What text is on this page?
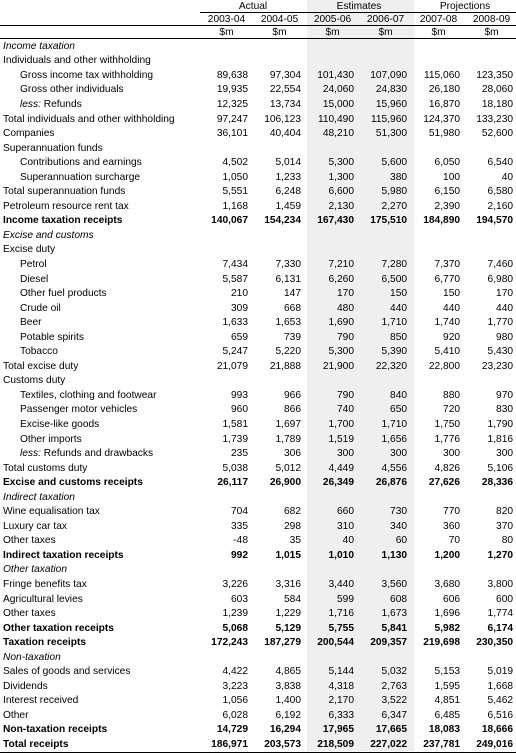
	Actual		Estimates		Projections	
	2003-04	2004-05	2005-06	2006-07	2007-08	2008-09
	$m	$m	$m	$m	$m	$m
Income taxation						
Individuals and other withholding						
Gross income tax withholding	89,638	97,304	101,430	107,090	115,060	123,350
Gross other individuals	19,935	22,554	24,060	24,830	26,180	28,060
less: Refunds	12,325	13,734	15,000	15,960	16,870	18,180
Total individuals and other withholding	97,247	106,123	110,490	115,960	124,370	133,230
Companies	36,101	40,404	48,210	51,300	51,980	52,600
Superannuation funds						
Contributions and earnings	4,502	5,014	5,300	5,600	6,050	6,540
Superannuation surcharge	1,050	1,233	1,300	380	100	40
Total superannuation funds	5,551	6,248	6,600	5,980	6,150	6,580
Petroleum resource rent tax	1,168	1,459	2,130	2,270	2,390	2,160
Income taxation receipts	140,067	154,234	167,430	175,510	184,890	194,570
Excise and customs						
Excise duty						
Petrol	7,434	7,330	7,210	7,280	7,370	7,460
Diesel	5,587	6,131	6,260	6,500	6,770	6,980
Other fuel products	210	147	170	150	150	170
Crude oil	309	668	480	440	440	440
Beer	1,633	1,653	1,690	1,710	1,740	1,770
Potable spirits	659	739	790	850	920	980
Tobacco	5,247	5,220	5,300	5,390	5,410	5,430
Total excise duty	21,079	21,888	21,900	22,320	22,800	23,230
Customs duty						
Textiles, clothing and footwear	993	966	790	840	880	970
Passenger motor vehicles	960	866	740	650	720	830
Excise-like goods	1,581	1,697	1,700	1,710	1,750	1,790
Other imports	1,739	1,789	1,519	1,656	1,776	1,816
less: Refunds and drawbacks	235	306	300	300	300	300
Total customs duty	5,038	5,012	4,449	4,556	4,826	5,106
Excise and customs receipts	26,117	26,900	26,349	26,876	27,626	28,336
Indirect taxation						
Wine equalisation tax	704	682	660	730	770	820
Luxury car tax	335	298	310	340	360	370
Other taxes	-48	35	40	60	70	80
Indirect taxation receipts	992	1,015	1,010	1,130	1,200	1,270
Other taxation						
Fringe benefits tax	3,226	3,316	3,440	3,560	3,680	3,800
Agricultural levies	603	584	599	608	606	600
Other taxes	1,239	1,229	1,716	1,673	1,696	1,774
Other taxation receipts	5,068	5,129	5,755	5,841	5,982	6,174
Taxation receipts	172,243	187,279	200,544	209,357	219,698	230,350
Non-taxation						
Sales of goods and services	4,422	4,865	5,144	5,032	5,153	5,019
Dividends	3,223	3,838	4,318	2,763	1,595	1,668
Interest received	1,056	1,400	2,170	3,522	4,851	5,462
Other	6,028	6,192	6,333	6,347	6,485	6,516
Non-taxation receipts	14,729	16,294	17,965	17,665	18,083	18,666
Total receipts	186,971	203,573	218,509	227,022	237,781	249,016
